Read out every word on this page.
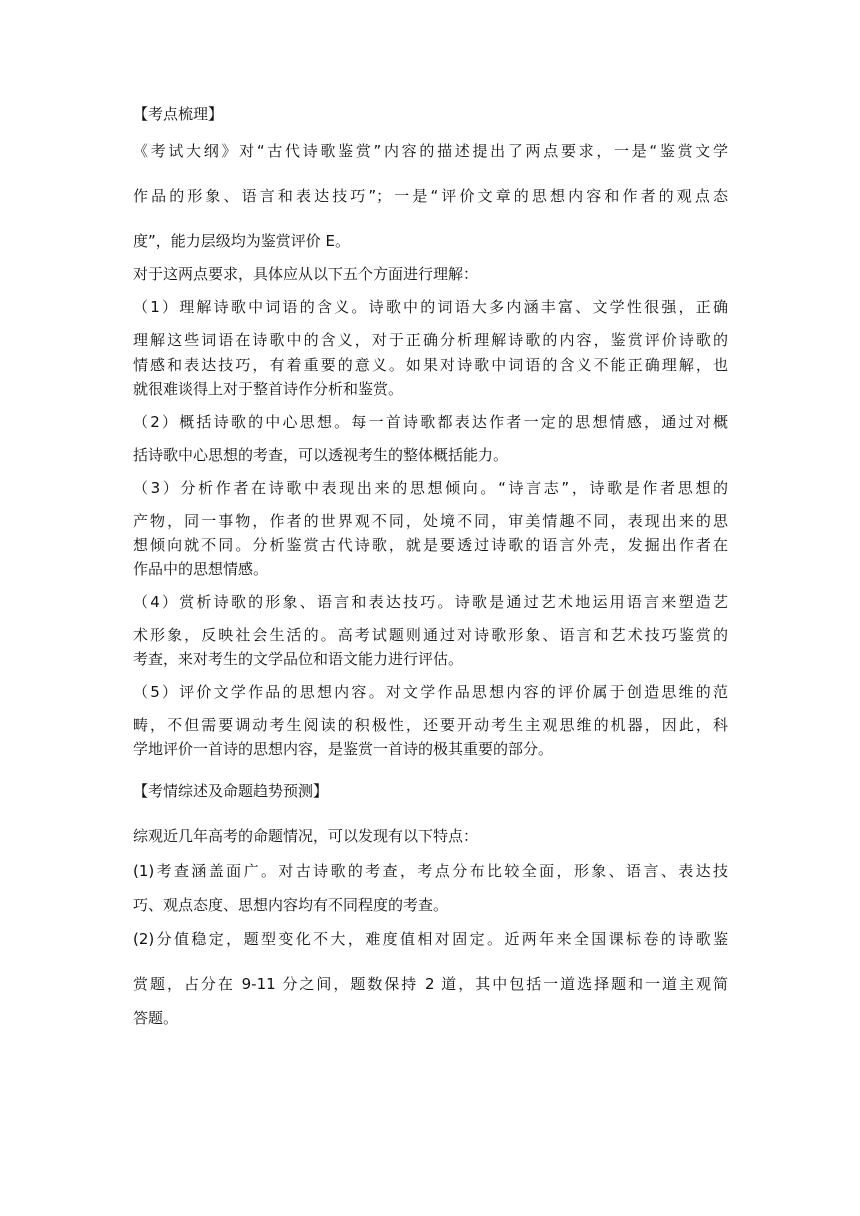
【考点梳理】
《考试大纲》对“古代诗歌鉴赏”内容的描述提出了两点要求，一是“鉴赏文学
作品的形象、语言和表达技巧”；一是“评价文章的思想内容和作者的观点态
度”，能力层级均为鉴赏评价 E。
对于这两点要求，具体应从以下五个方面进行理解：
（1）理解诗歌中词语的含义。诗歌中的词语大多内涵丰富、文学性很强，正确
理解这些词语在诗歌中的含义，对于正确分析理解诗歌的内容，鉴赏评价诗歌的
情感和表达技巧，有着重要的意义。如果对诗歌中词语的含义不能正确理解，也
就很难谈得上对于整首诗作分析和鉴赏。
（2）概括诗歌的中心思想。每一首诗歌都表达作者一定的思想情感，通过对概
括诗歌中心思想的考查，可以透视考生的整体概括能力。
（3）分析作者在诗歌中表现出来的思想倾向。“诗言志”，诗歌是作者思想的
产物，同一事物，作者的世界观不同，处境不同，审美情趣不同，表现出来的思
想倾向就不同。分析鉴赏古代诗歌，就是要透过诗歌的语言外壳，发掘出作者在
作品中的思想情感。
（4）赏析诗歌的形象、语言和表达技巧。诗歌是通过艺术地运用语言来塑造艺
术形象，反映社会生活的。高考试题则通过对诗歌形象、语言和艺术技巧鉴赏的
考查，来对考生的文学品位和语文能力进行评估。
（5）评价文学作品的思想内容。对文学作品思想内容的评价属于创造思维的范
畴，不但需要调动考生阅读的积极性，还要开动考生主观思维的机器，因此，科
学地评价一首诗的思想内容，是鉴赏一首诗的极其重要的部分。
【考情综述及命题趋势预测】
综观近几年高考的命题情况，可以发现有以下特点：
(1)考查涵盖面广。对古诗歌的考查，考点分布比较全面，形象、语言、表达技
巧、观点态度、思想内容均有不同程度的考查。
(2)分值稳定，题型变化不大，难度值相对固定。近两年来全国课标卷的诗歌鉴
赏题，占分在 9-11 分之间，题数保持 2 道，其中包括一道选择题和一道主观简
答题。
